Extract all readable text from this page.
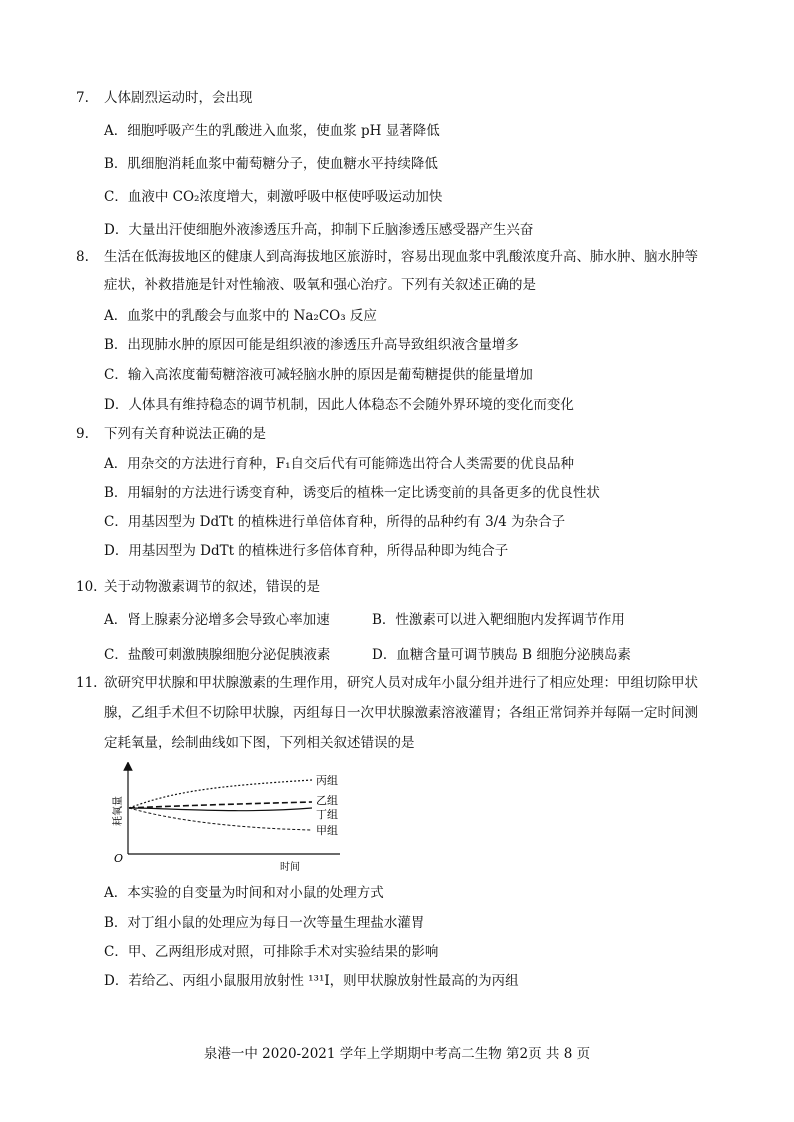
7. 人体剧烈运动时，会出现
A．细胞呼吸产生的乳酸进入血浆，使血浆 pH 显著降低
B．肌细胞消耗血浆中葡萄糖分子，使血糖水平持续降低
C．血液中 CO₂浓度增大，刺激呼吸中枢使呼吸运动加快
D．大量出汗使细胞外液渗透压升高，抑制下丘脑渗透压感受器产生兴奋
8. 生活在低海拔地区的健康人到高海拔地区旅游时，容易出现血浆中乳酸浓度升高、肺水肿、脑水肿等
症状，补救措施是针对性输液、吸氧和强心治疗。下列有关叙述正确的是
A．血浆中的乳酸会与血浆中的 Na₂CO₃ 反应
B．出现肺水肿的原因可能是组织液的渗透压升高导致组织液含量增多
C．输入高浓度葡萄糖溶液可减轻脑水肿的原因是葡萄糖提供的能量增加
D．人体具有维持稳态的调节机制，因此人体稳态不会随外界环境的变化而变化
9. 下列有关育种说法正确的是
A．用杂交的方法进行育种，F₁自交后代有可能筛选出符合人类需要的优良品种
B．用辐射的方法进行诱变育种，诱变后的植株一定比诱变前的具备更多的优良性状
C．用基因型为 DdTt 的植株进行单倍体育种，所得的品种约有 3/4 为杂合子
D．用基因型为 DdTt 的植株进行多倍体育种，所得品种即为纯合子
10. 关于动物激素调节的叙述，错误的是
A．肾上腺素分泌增多会导致心率加速	B．性激素可以进入靶细胞内发挥调节作用
C．盐酸可刺激胰腺细胞分泌促胰液素	D．血糖含量可调节胰岛 B 细胞分泌胰岛素
11. 欲研究甲状腺和甲状腺激素的生理作用，研究人员对成年小鼠分组并进行了相应处理：甲组切除甲状
腺，乙组手术但不切除甲状腺，丙组每日一次甲状腺激素溶液灌胃；各组正常饲养并每隔一定时间测
定耗氧量，绘制曲线如下图，下列相关叙述错误的是
丙组
乙组
丁组
甲组
耗氧量
O
时间
A．本实验的自变量为时间和对小鼠的处理方式
B．对丁组小鼠的处理应为每日一次等量生理盐水灌胃
C．甲、乙两组形成对照，可排除手术对实验结果的影响
D．若给乙、丙组小鼠服用放射性 ¹³¹I，则甲状腺放射性最高的为丙组
泉港一中 2020-2021 学年上学期期中考高二生物 第2页 共 8 页
